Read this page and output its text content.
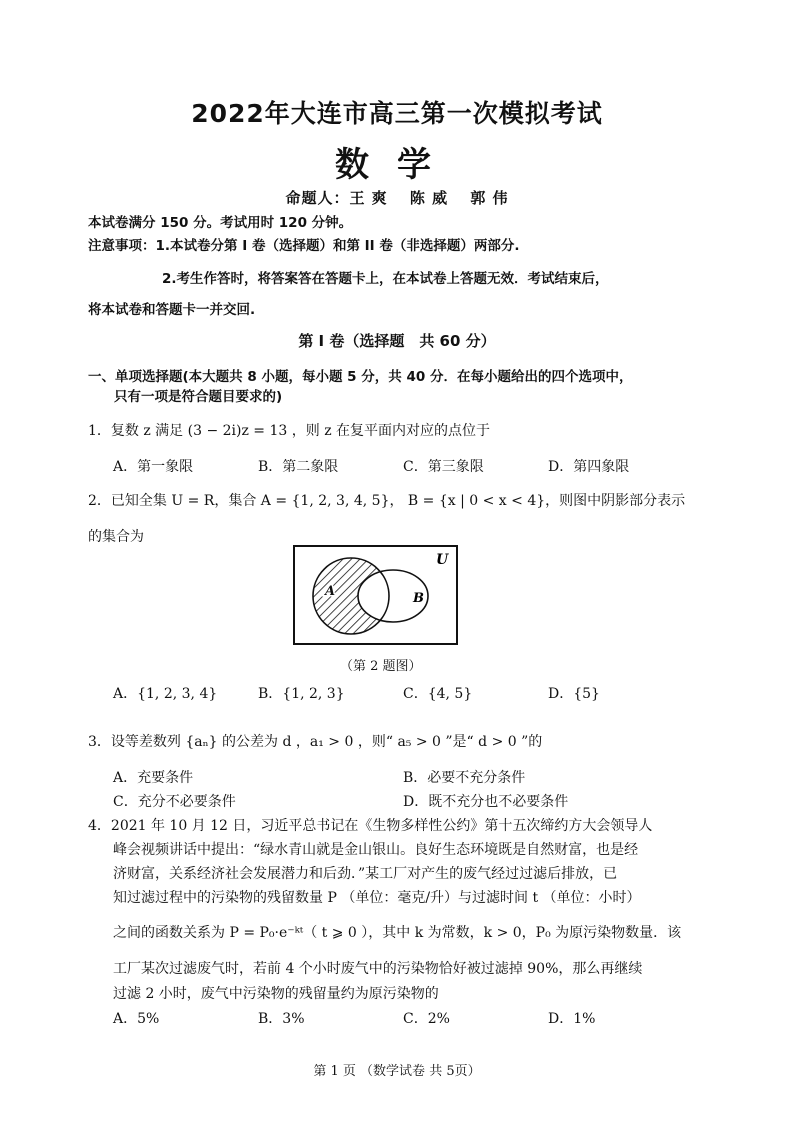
2022年大连市高三第一次模拟考试
数学
命题人：王 爽　 陈 威　 郭 伟
本试卷满分 150 分。考试用时 120 分钟。
注意事项：1.本试卷分第 I 卷（选择题）和第 II 卷（非选择题）两部分.
2.考生作答时，将答案答在答题卡上，在本试卷上答题无效．考试结束后，
将本试卷和答题卡一并交回.
第 I 卷（选择题　共 60 分）
一、单项选择题(本大题共 8 小题，每小题 5 分，共 40 分．在每小题给出的四个选项中，
只有一项是符合题目要求的)
1．复数 z 满足 (3 − 2i)z = 13 ，则 z 在复平面内对应的点位于
A．第一象限	B．第二象限	C．第三象限	D．第四象限
2．已知全集 U = R，集合 A = {1, 2, 3, 4, 5}， B = {x | 0 < x < 4}，则图中阴影部分表示
的集合为
U
A	B
（第 2 题图）
A．{1, 2, 3, 4}	B．{1, 2, 3}	C．{4, 5}	D．{5}
3．设等差数列 {aₙ} 的公差为 d ，a₁ > 0 ，则“ a₅ > 0 ”是“ d > 0 ”的
A．充要条件	B．必要不充分条件
C．充分不必要条件	D．既不充分也不必要条件
4．2021 年 10 月 12 日，习近平总书记在《生物多样性公约》第十五次缔约方大会领导人
峰会视频讲话中提出：“绿水青山就是金山银山。良好生态环境既是自然财富，也是经
济财富，关系经济社会发展潜力和后劲．”某工厂对产生的废气经过过滤后排放，已
知过滤过程中的污染物的残留数量 P （单位：毫克/升）与过滤时间 t （单位：小时）
之间的函数关系为 P = P₀·e⁻ᵏᵗ（ t ⩾ 0 ），其中 k 为常数，k > 0，P₀ 为原污染物数量．该
工厂某次过滤废气时，若前 4 个小时废气中的污染物恰好被过滤掉 90%，那么再继续
过滤 2 小时，废气中污染物的残留量约为原污染物的
A．5%	B．3%	C．2%	D．1%
第 1 页 （数学试卷 共 5页）
